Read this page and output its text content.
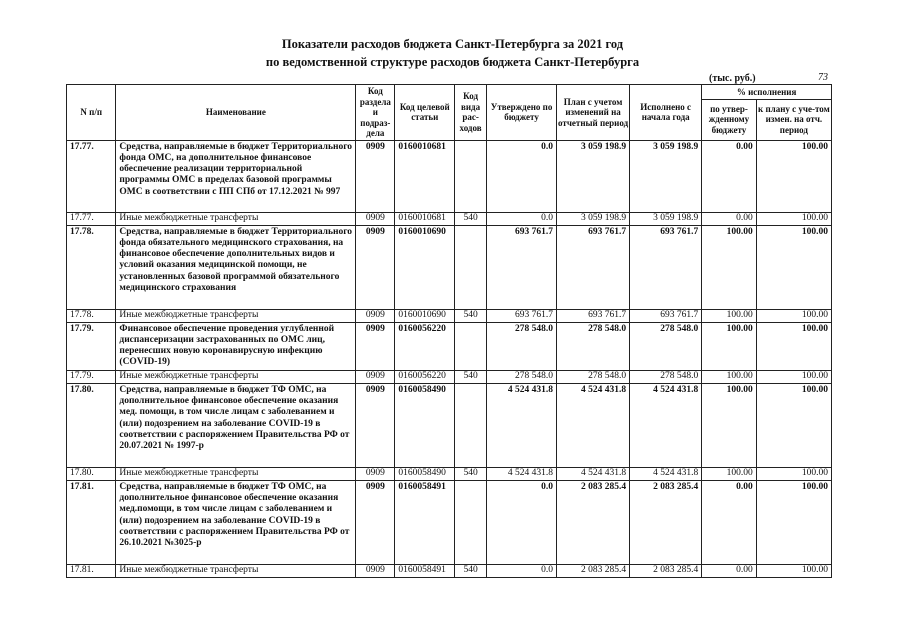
Показатели расходов бюджета Санкт-Петербурга за 2021 год
по ведомственной структуре расходов бюджета Санкт-Петербурга
(тыс. руб.)	73
N п/п	Наименование	Код раздела и подраз-дела	Код целевой статьи	Код вида рас-ходов	Утверждено по бюджету	План с учетом изменений на отчетный период	Исполнено с начала года	% исполнения	
								по утвер-жденному бюджету	к плану с уче-том измен. на отч. период
17.77.	Средства, направляемые в бюджет Территориального фонда ОМС, на дополнительное финансовое обеспечение реализации территориальной программы ОМС в пределах базовой программы ОМС в соответствии с ПП СПб от 17.12.2021 № 997	0909	0160010681		0.0	3 059 198.9	3 059 198.9	0.00	100.00
17.77.	Иные межбюджетные трансферты	0909	0160010681	540	0.0	3 059 198.9	3 059 198.9	0.00	100.00
17.78.	Средства, направляемые в бюджет Территориального фонда обязательного медицинского страхования, на финансовое обеспечение дополнительных видов и условий оказания медицинской помощи, не установленных базовой программой обязательного медицинского страхования	0909	0160010690		693 761.7	693 761.7	693 761.7	100.00	100.00
17.78.	Иные межбюджетные трансферты	0909	0160010690	540	693 761.7	693 761.7	693 761.7	100.00	100.00
17.79.	Финансовое обеспечение проведения углубленной диспансеризации застрахованных по ОМС лиц, перенесших новую коронавирусную инфекцию (COVID-19)	0909	0160056220		278 548.0	278 548.0	278 548.0	100.00	100.00
17.79.	Иные межбюджетные трансферты	0909	0160056220	540	278 548.0	278 548.0	278 548.0	100.00	100.00
17.80.	Средства, направляемые в бюджет ТФ ОМС, на дополнительное финансовое обеспечение оказания мед. помощи, в том числе лицам с заболеванием и (или) подозрением на заболевание COVID-19 в соответствии с распоряжением Правительства РФ от 20.07.2021 № 1997-р	0909	0160058490		4 524 431.8	4 524 431.8	4 524 431.8	100.00	100.00
17.80.	Иные межбюджетные трансферты	0909	0160058490	540	4 524 431.8	4 524 431.8	4 524 431.8	100.00	100.00
17.81.	Средства, направляемые в бюджет ТФ ОМС, на дополнительное финансовое обеспечение оказания мед.помощи, в том числе лицам с заболеванием и (или) подозрением на заболевание COVID-19 в соответствии с распоряжением Правительства РФ от 26.10.2021 №3025-р	0909	0160058491		0.0	2 083 285.4	2 083 285.4	0.00	100.00
17.81.	Иные межбюджетные трансферты	0909	0160058491	540	0.0	2 083 285.4	2 083 285.4	0.00	100.00
